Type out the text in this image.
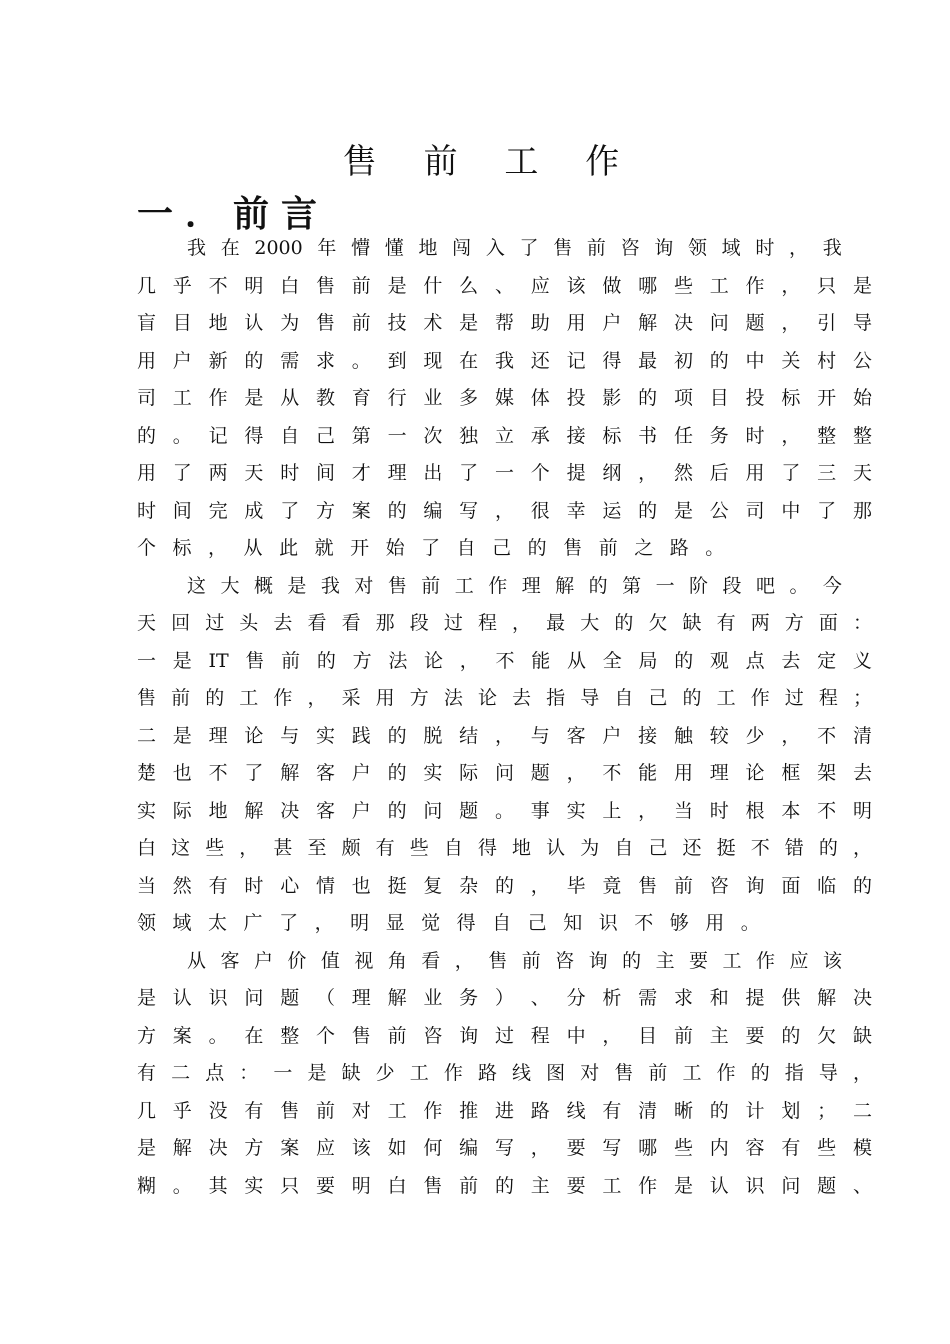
售 前 工 作
一．前言
我 在 2000 年 懵 懂 地 闯 入 了 售 前 咨 询 领 域 时 ， 我
几 乎 不 明 白 售 前 是 什 么 、 应 该 做 哪 些 工 作 ， 只 是
盲 目 地 认 为 售 前 技 术 是 帮 助 用 户 解 决 问 题 ， 引 导
用 户 新 的 需 求 。 到 现 在 我 还 记 得 最 初 的 中 关 村 公
司 工 作 是 从 教 育 行 业 多 媒 体 投 影 的 项 目 投 标 开 始
的 。 记 得 自 己 第 一 次 独 立 承 接 标 书 任 务 时 ， 整 整
用 了 两 天 时 间 才 理 出 了 一 个 提 纲 ， 然 后 用 了 三 天
时 间 完 成 了 方 案 的 编 写 ， 很 幸 运 的 是 公 司 中 了 那
个 标 ， 从 此 就 开 始 了 自 己 的 售 前 之 路 。
这 大 概 是 我 对 售 前 工 作 理 解 的 第 一 阶 段 吧 。 今
天 回 过 头 去 看 看 那 段 过 程 ， 最 大 的 欠 缺 有 两 方 面 ：
一 是 IT 售 前 的 方 法 论 ， 不 能 从 全 局 的 观 点 去 定 义
售 前 的 工 作 ， 采 用 方 法 论 去 指 导 自 己 的 工 作 过 程 ；
二 是 理 论 与 实 践 的 脱 结 ， 与 客 户 接 触 较 少 ， 不 清
楚 也 不 了 解 客 户 的 实 际 问 题 ， 不 能 用 理 论 框 架 去
实 际 地 解 决 客 户 的 问 题 。 事 实 上 ， 当 时 根 本 不 明
白 这 些 ， 甚 至 颇 有 些 自 得 地 认 为 自 己 还 挺 不 错 的 ，
当 然 有 时 心 情 也 挺 复 杂 的 ， 毕 竟 售 前 咨 询 面 临 的
领 域 太 广 了 ， 明 显 觉 得 自 己 知 识 不 够 用 。
从 客 户 价 值 视 角 看 ， 售 前 咨 询 的 主 要 工 作 应 该
是 认 识 问 题 （ 理 解 业 务 ） 、 分 析 需 求 和 提 供 解 决
方 案 。 在 整 个 售 前 咨 询 过 程 中 ， 目 前 主 要 的 欠 缺
有 二 点 ： 一 是 缺 少 工 作 路 线 图 对 售 前 工 作 的 指 导 ，
几 乎 没 有 售 前 对 工 作 推 进 路 线 有 清 晰 的 计 划 ； 二
是 解 决 方 案 应 该 如 何 编 写 ， 要 写 哪 些 内 容 有 些 模
糊 。 其 实 只 要 明 白 售 前 的 主 要 工 作 是 认 识 问 题 、
